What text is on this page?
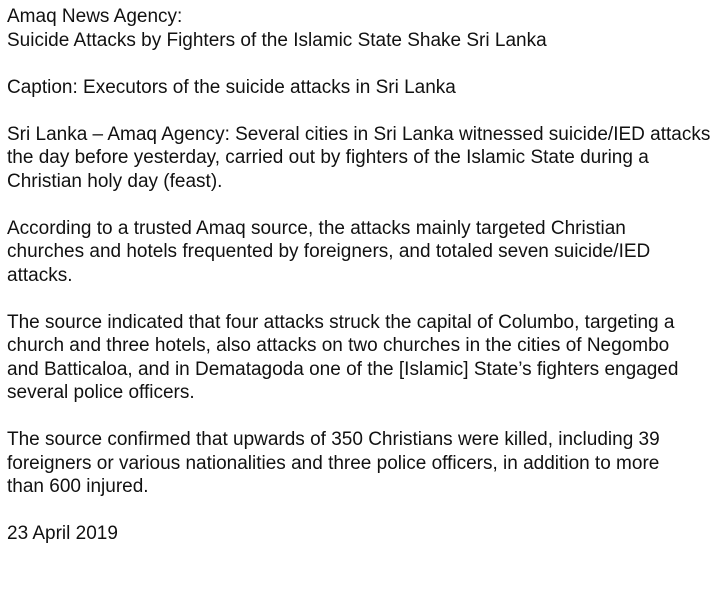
Amaq News Agency:
Suicide Attacks by Fighters of the Islamic State Shake Sri Lanka

Caption: Executors of the suicide attacks in Sri Lanka

Sri Lanka – Amaq Agency: Several cities in Sri Lanka witnessed suicide/IED attacks
the day before yesterday, carried out by fighters of the Islamic State during a
Christian holy day (feast).

According to a trusted Amaq source, the attacks mainly targeted Christian
churches and hotels frequented by foreigners, and totaled seven suicide/IED
attacks.

The source indicated that four attacks struck the capital of Columbo, targeting a
church and three hotels, also attacks on two churches in the cities of Negombo
and Batticaloa, and in Dematagoda one of the [Islamic] State’s fighters engaged
several police officers.

The source confirmed that upwards of 350 Christians were killed, including 39
foreigners or various nationalities and three police officers, in addition to more
than 600 injured.

23 April 2019
